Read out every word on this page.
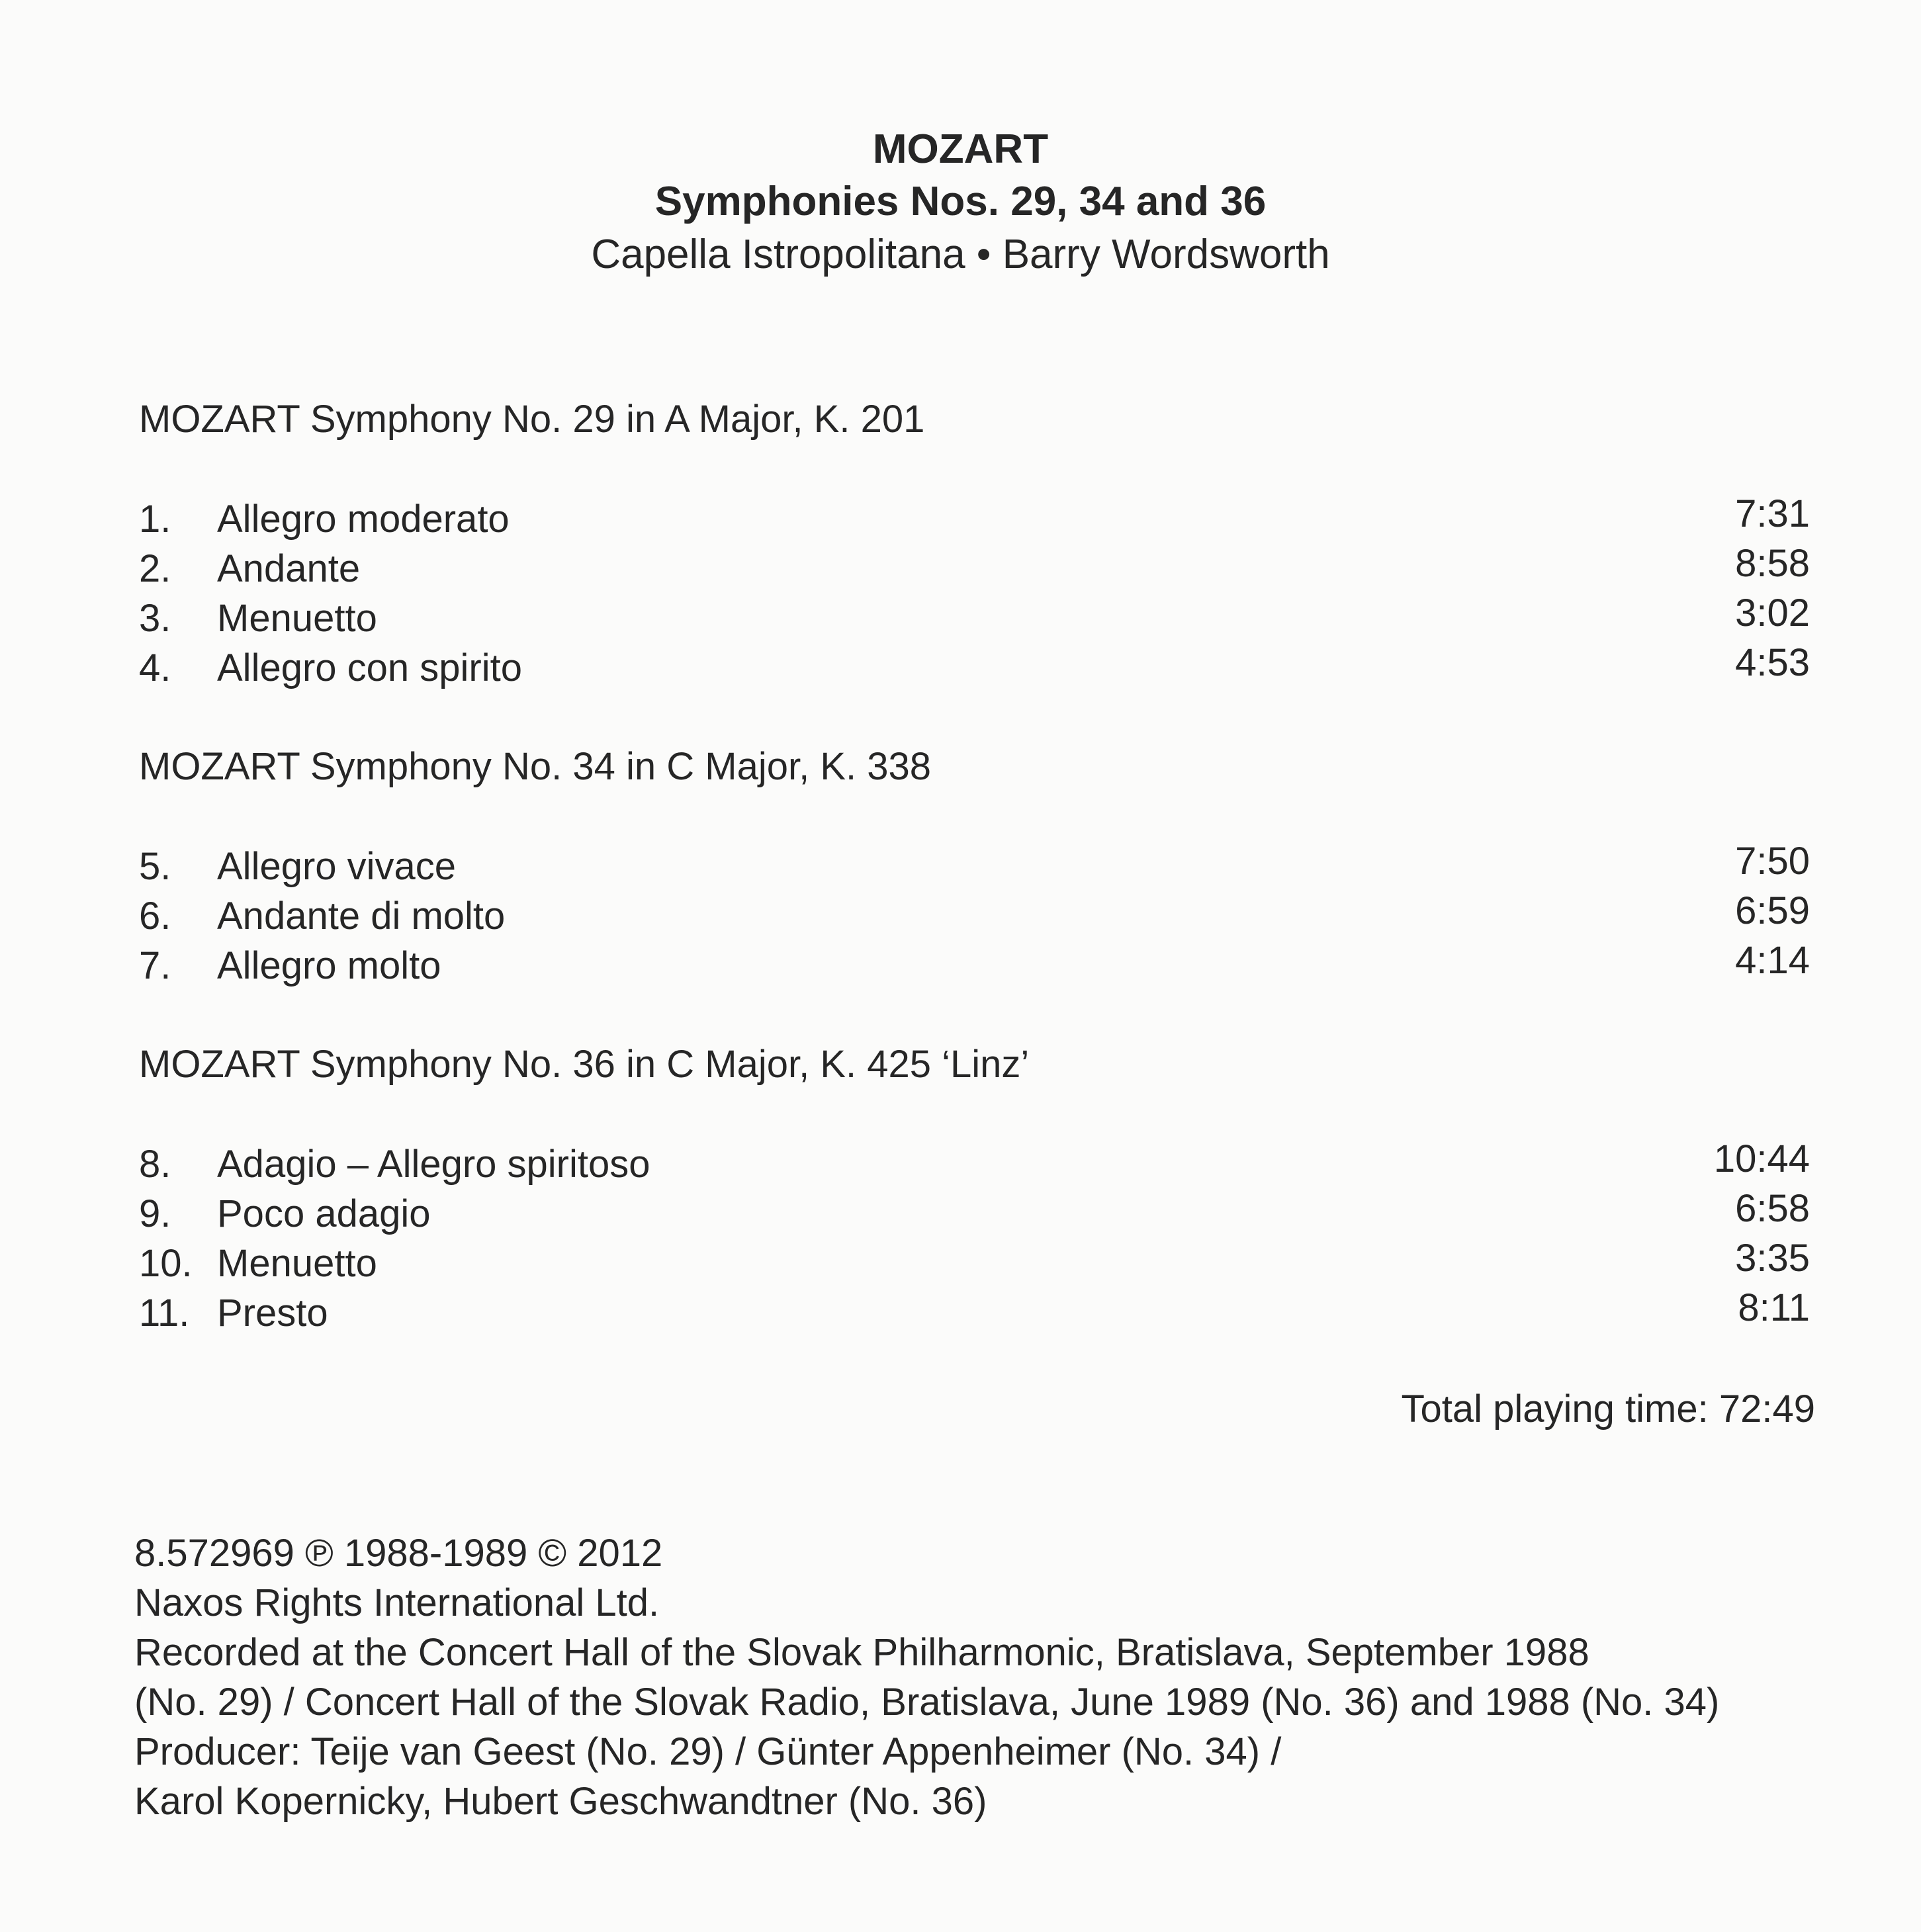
MOZART
Symphonies Nos. 29, 34 and 36
Capella Istropolitana • Barry Wordsworth
MOZART Symphony No. 29 in A Major, K. 201
1. Allegro moderato	7:31
2. Andante	8:58
3. Menuetto	3:02
4. Allegro con spirito	4:53
MOZART Symphony No. 34 in C Major, K. 338
5. Allegro vivace	7:50
6. Andante di molto	6:59
7. Allegro molto	4:14
MOZART Symphony No. 36 in C Major, K. 425 ‘Linz’
8. Adagio – Allegro spiritoso	10:44
9. Poco adagio	6:58
10. Menuetto	3:35
11. Presto	8:11
Total playing time: 72:49
8.572969 ℗ 1988-1989 © 2012
Naxos Rights International Ltd.
Recorded at the Concert Hall of the Slovak Philharmonic, Bratislava, September 1988
(No. 29) / Concert Hall of the Slovak Radio, Bratislava, June 1989 (No. 36) and 1988 (No. 34)
Producer: Teije van Geest (No. 29) / Günter Appenheimer (No. 34) /
Karol Kopernicky, Hubert Geschwandtner (No. 36)
